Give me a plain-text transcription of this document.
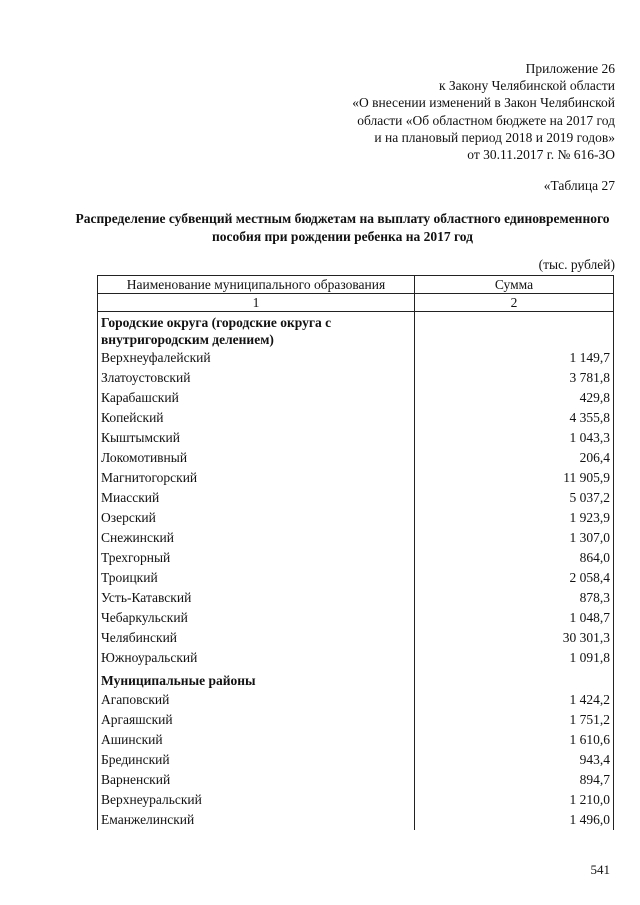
Приложение 26
к Закону Челябинской области
«О внесении изменений в Закон Челябинской
области «Об областном бюджете на 2017 год
и на плановый период 2018 и 2019 годов»
от 30.11.2017 г. № 616-ЗО
«Таблица 27
Распределение субвенций местным бюджетам на выплату областного единовременного пособия при рождении ребенка на 2017 год
(тыс. рублей)
Наименование муниципального образования	Сумма
1	2
Городские округа (городские округа с внутригородским делением)	
Верхнеуфалейский	1 149,7
Златоустовский	3 781,8
Карабашский	429,8
Копейский	4 355,8
Кыштымский	1 043,3
Локомотивный	206,4
Магнитогорский	11 905,9
Миасский	5 037,2
Озерский	1 923,9
Снежинский	1 307,0
Трехгорный	864,0
Троицкий	2 058,4
Усть-Катавский	878,3
Чебаркульский	1 048,7
Челябинский	30 301,3
Южноуральский	1 091,8
Муниципальные районы	
Агаповский	1 424,2
Аргаяшский	1 751,2
Ашинский	1 610,6
Брединский	943,4
Варненский	894,7
Верхнеуральский	1 210,0
Еманжелинский	1 496,0
541
